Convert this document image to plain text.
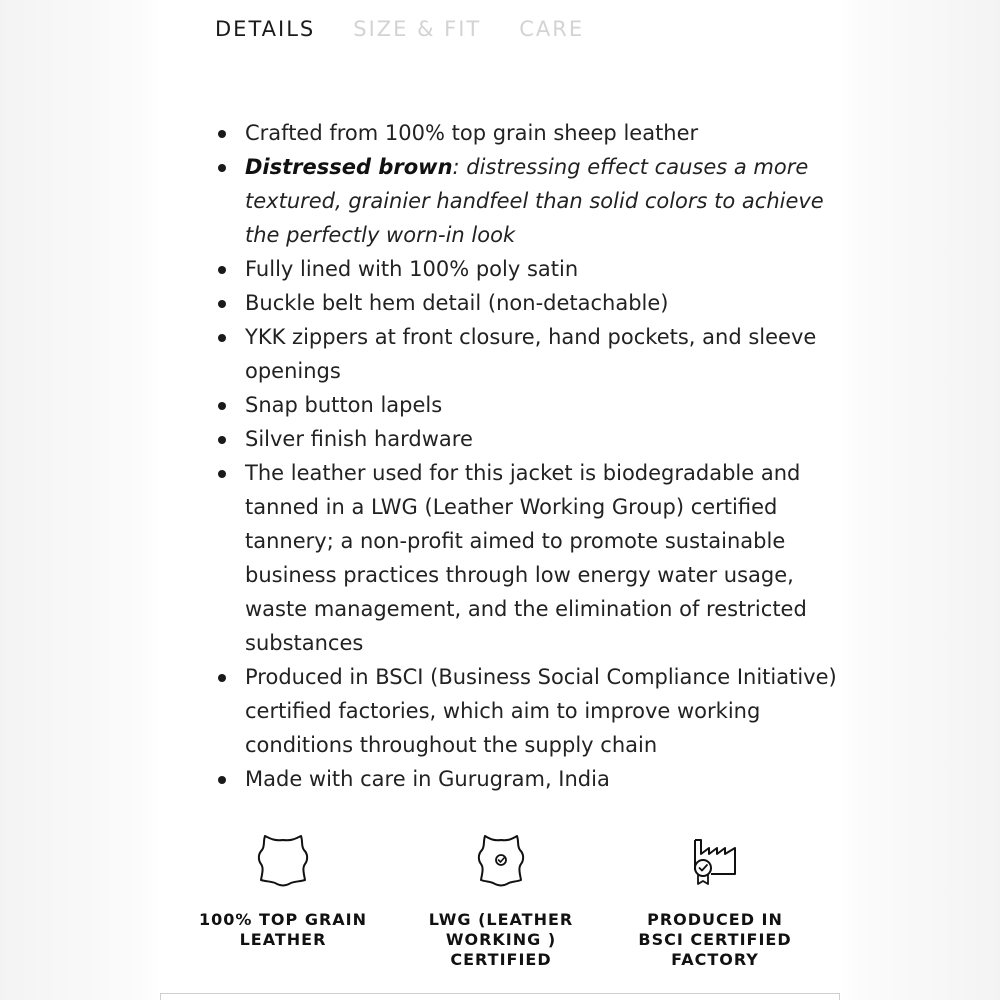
DETAILS SIZE & FIT CARE
Crafted from 100% top grain sheep leather
Distressed brown: distressing effect causes a more textured, grainier handfeel than solid colors to achieve the perfectly worn-in look
Fully lined with 100% poly satin
Buckle belt hem detail (non-detachable)
YKK zippers at front closure, hand pockets, and sleeve openings
Snap button lapels
Silver finish hardware
The leather used for this jacket is biodegradable and tanned in a LWG (Leather Working Group) certified tannery; a non-profit aimed to promote sustainable business practices through low energy water usage, waste management, and the elimination of restricted substances
Produced in BSCI (Business Social Compliance Initiative) certified factories, which aim to improve working conditions throughout the supply chain
Made with care in Gurugram, India
100% TOP GRAIN LEATHER
LWG (LEATHER WORKING ) CERTIFIED
PRODUCED IN BSCI CERTIFIED FACTORY
